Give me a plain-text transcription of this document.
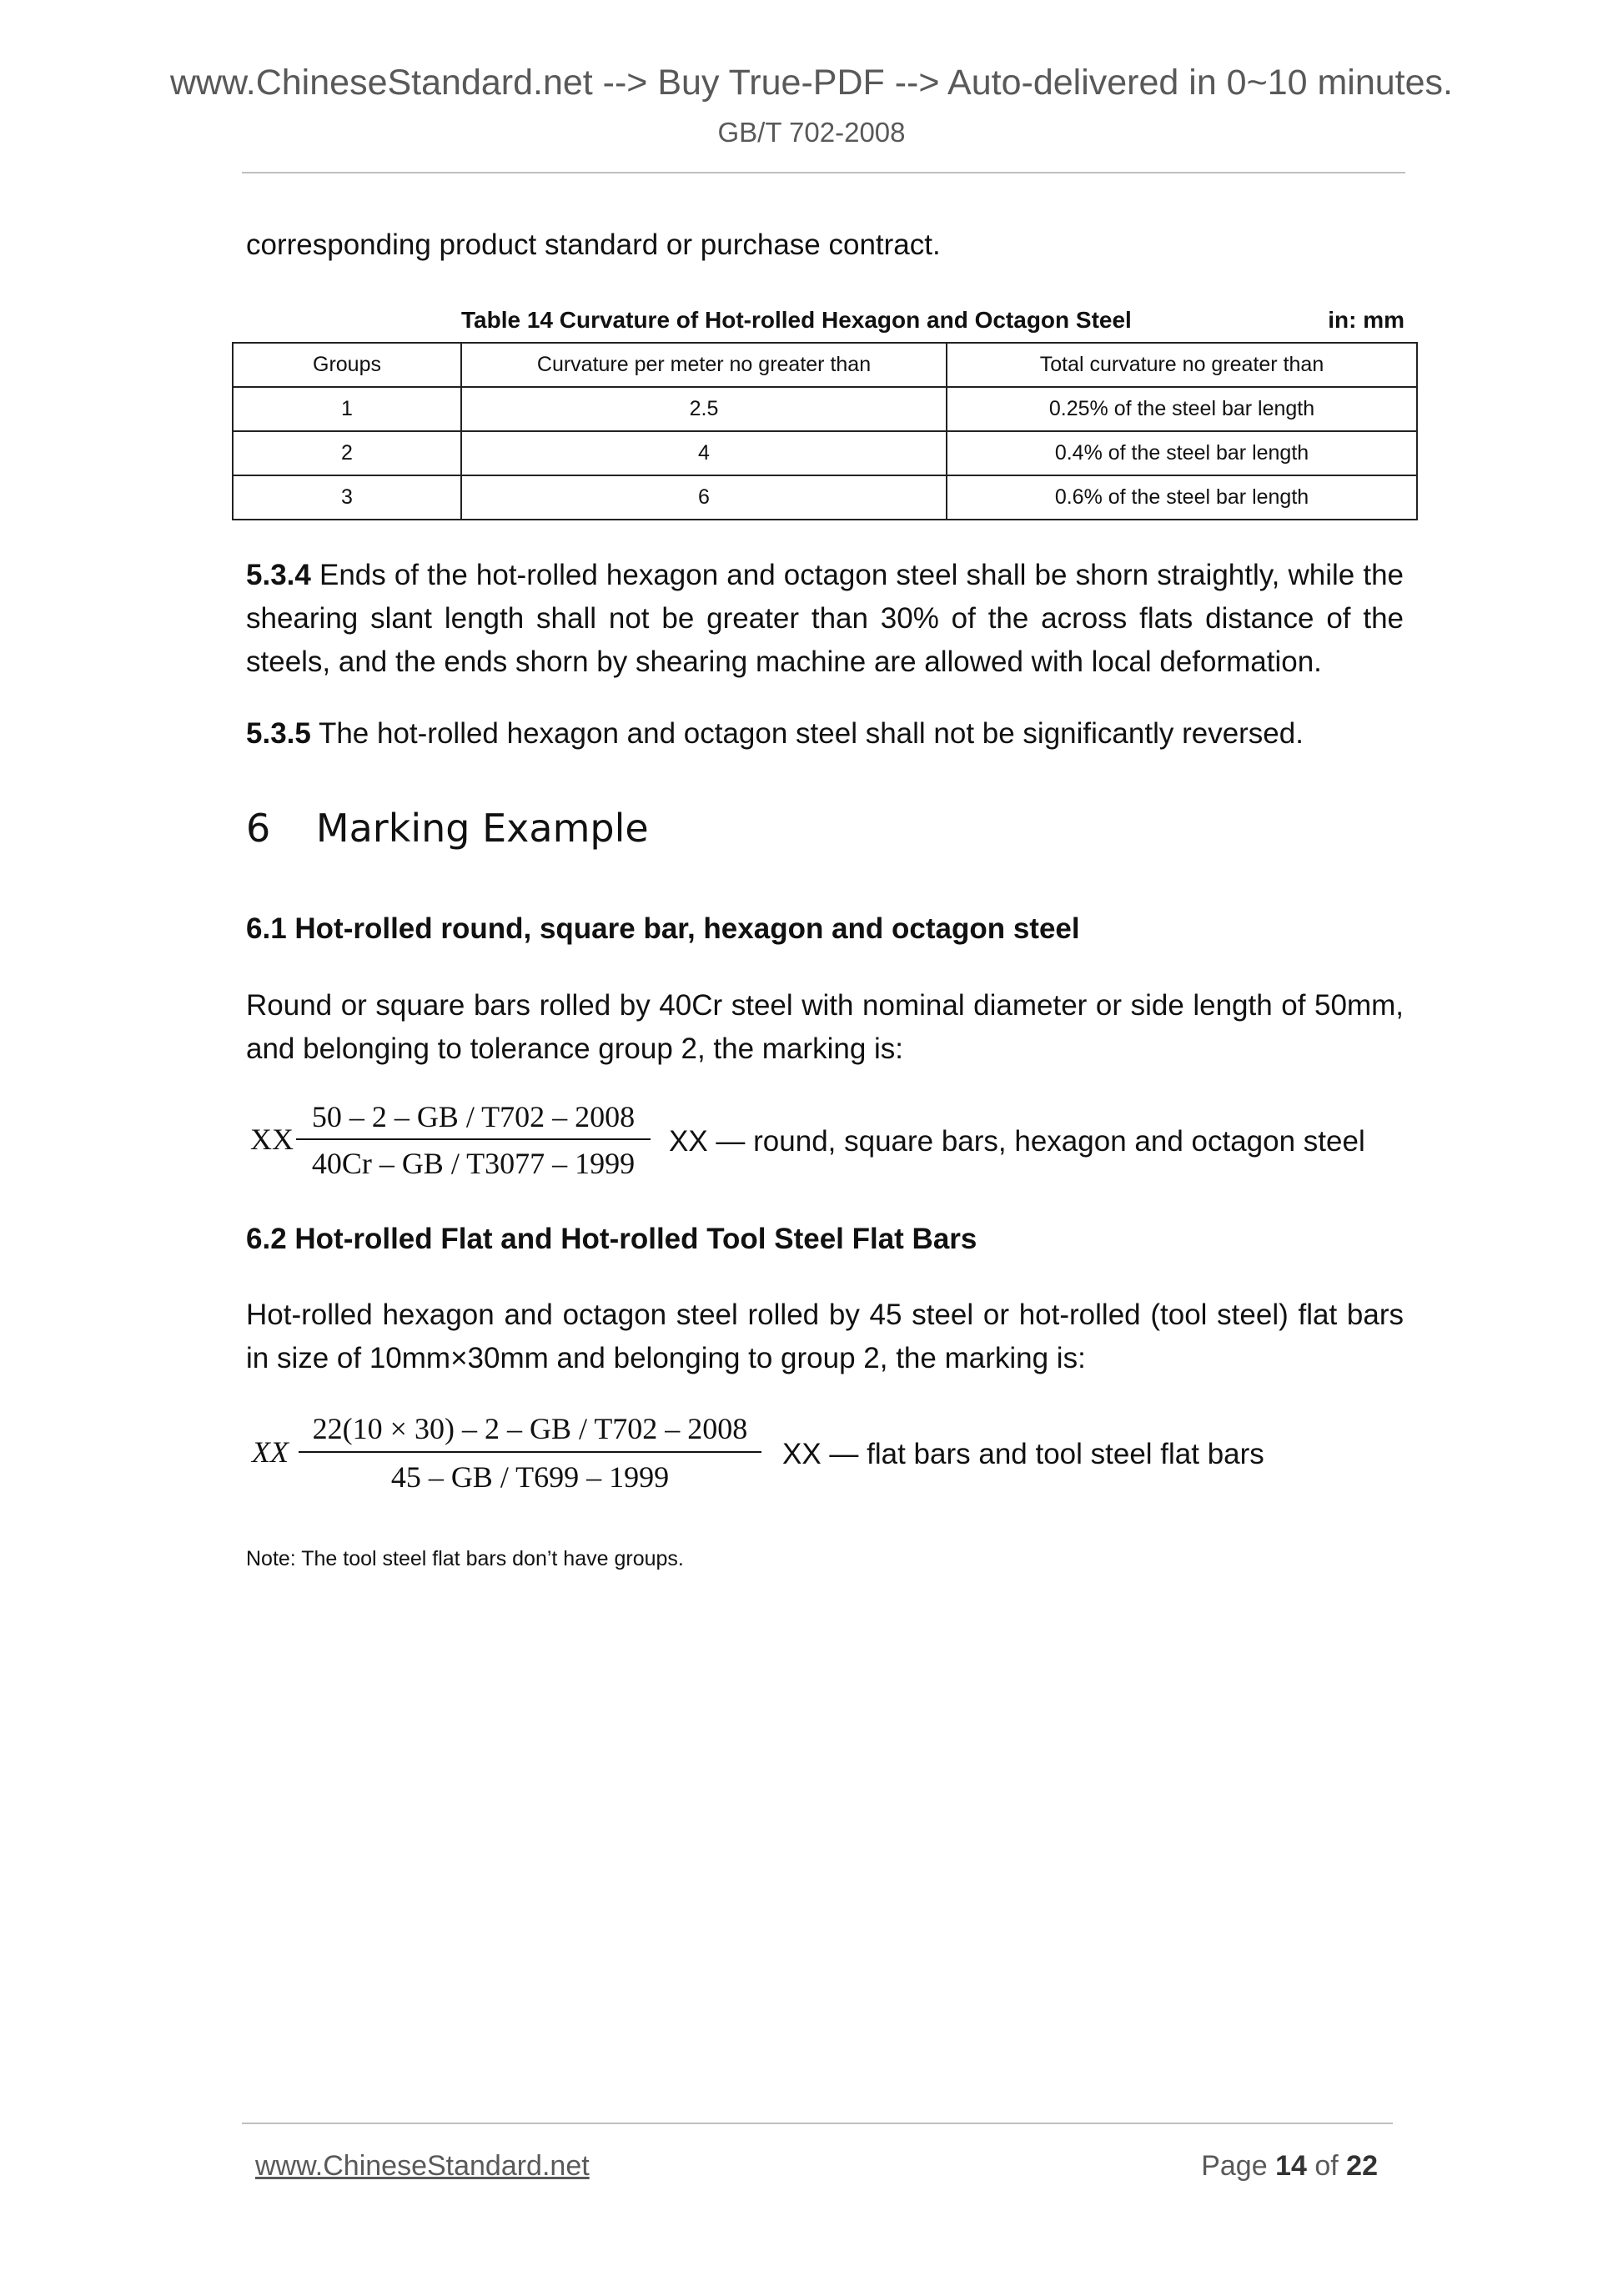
www.ChineseStandard.net --> Buy True-PDF --> Auto-delivered in 0~10 minutes.
GB/T 702-2008
corresponding product standard or purchase contract.
Table 14 Curvature of Hot-rolled Hexagon and Octagon Steel	in: mm
Groups	Curvature per meter no greater than	Total curvature no greater than
1	2.5	0.25% of the steel bar length
2	4	0.4% of the steel bar length
3	6	0.6% of the steel bar length
5.3.4 Ends of the hot-rolled hexagon and octagon steel shall be shorn straightly, while the shearing slant length shall not be greater than 30% of the across flats distance of the steels, and the ends shorn by shearing machine are allowed with local deformation.
5.3.5 The hot-rolled hexagon and octagon steel shall not be significantly reversed.
6 Marking Example
6.1 Hot-rolled round, square bar, hexagon and octagon steel
Round or square bars rolled by 40Cr steel with nominal diameter or side length of 50mm, and belonging to tolerance group 2, the marking is:
XX
50 – 2 – GB / T702 – 2008
40Cr – GB / T3077 – 1999
XX — round, square bars, hexagon and octagon steel
6.2 Hot-rolled Flat and Hot-rolled Tool Steel Flat Bars
Hot-rolled hexagon and octagon steel rolled by 45 steel or hot-rolled (tool steel) flat bars in size of 10mm×30mm and belonging to group 2, the marking is:
XX
22(10 × 30) – 2 – GB / T702 – 2008
45 – GB / T699 – 1999
XX — flat bars and tool steel flat bars
Note: The tool steel flat bars don’t have groups.
www.ChineseStandard.net	Page 14 of 22
